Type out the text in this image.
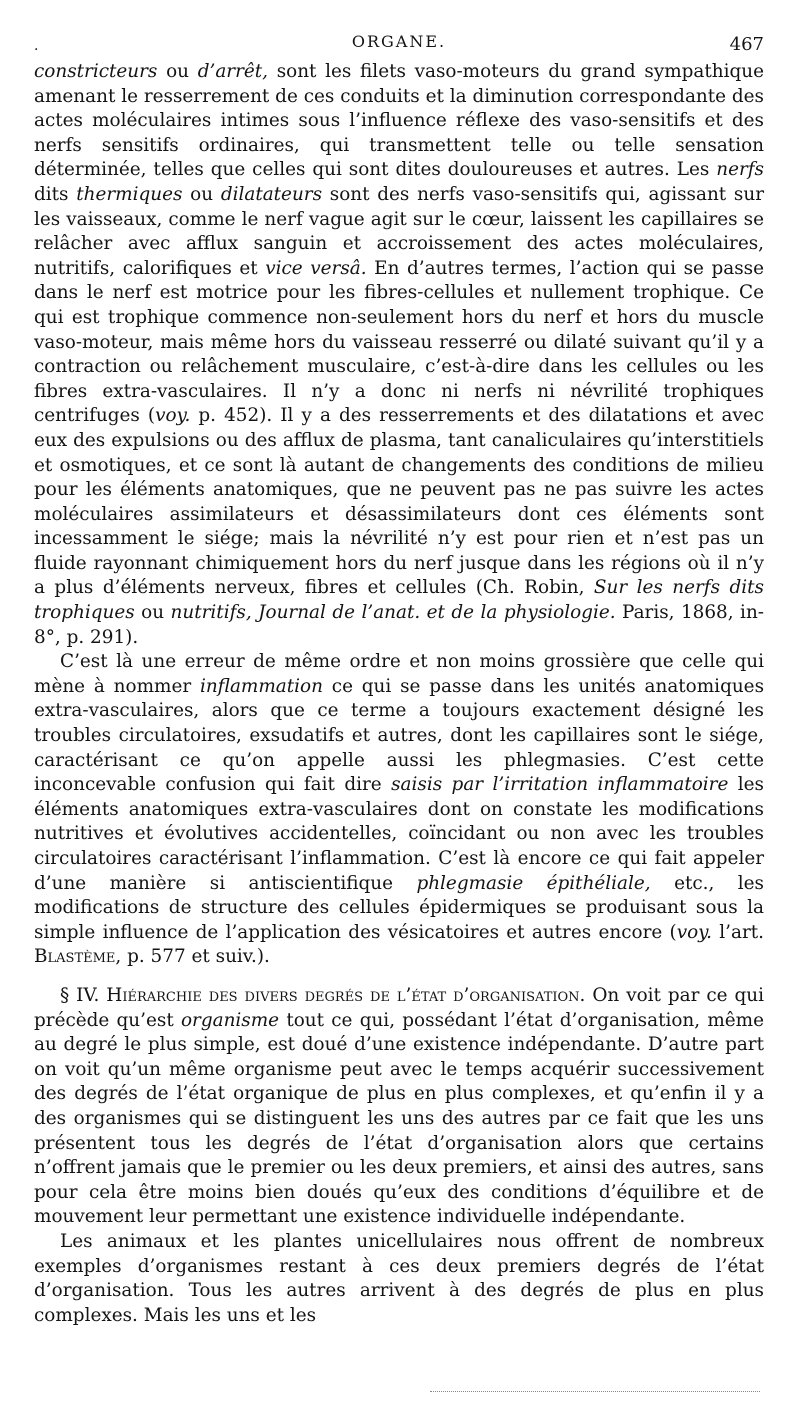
.	ORGANE.	467

constricteurs ou d’arrêt, sont les filets vaso-moteurs du grand sympathique amenant le resserrement de ces conduits et la diminution correspondante des actes moléculaires intimes sous l’influence réflexe des vaso-sensitifs et des nerfs sensitifs ordinaires, qui transmettent telle ou telle sensation déterminée, telles que celles qui sont dites douloureuses et autres. Les nerfs dits thermiques ou dilatateurs sont des nerfs vaso-sensitifs qui, agissant sur les vaisseaux, comme le nerf vague agit sur le cœur, laissent les capillaires se relâcher avec afflux sanguin et accroissement des actes moléculaires, nutritifs, calorifiques et vice versâ. En d’autres termes, l’action qui se passe dans le nerf est motrice pour les fibres-cellules et nullement trophique. Ce qui est trophique commence non-seulement hors du nerf et hors du muscle vaso-moteur, mais même hors du vaisseau resserré ou dilaté suivant qu’il y a contraction ou relâchement musculaire, c’est-à-dire dans les cellules ou les fibres extra-vasculaires. Il n’y a donc ni nerfs ni névrilité trophiques centrifuges (voy. p. 452). Il y a des resserrements et des dilatations et avec eux des expulsions ou des afflux de plasma, tant canaliculaires qu’interstitiels et osmotiques, et ce sont là autant de changements des conditions de milieu pour les éléments anatomiques, que ne peuvent pas ne pas suivre les actes moléculaires assimilateurs et désassimilateurs dont ces éléments sont incessamment le siége; mais la névrilité n’y est pour rien et n’est pas un fluide rayonnant chimiquement hors du nerf jusque dans les régions où il n’y a plus d’éléments nerveux, fibres et cellules (Ch. Robin, Sur les nerfs dits trophiques ou nutritifs, Journal de l’anat. et de la physiologie. Paris, 1868, in-8°, p. 291).

C’est là une erreur de même ordre et non moins grossière que celle qui mène à nommer inflammation ce qui se passe dans les unités anatomiques extra-vasculaires, alors que ce terme a toujours exactement désigné les troubles circulatoires, exsudatifs et autres, dont les capillaires sont le siége, caractérisant ce qu’on appelle aussi les phlegmasies. C’est cette inconcevable confusion qui fait dire saisis par l’irritation inflammatoire les éléments anatomiques extra-vasculaires dont on constate les modifications nutritives et évolutives accidentelles, coïncidant ou non avec les troubles circulatoires caractérisant l’inflammation. C’est là encore ce qui fait appeler d’une manière si antiscientifique phlegmasie épithéliale, etc., les modifications de structure des cellules épidermiques se produisant sous la simple influence de l’application des vésicatoires et autres encore (voy. l’art. Blastème, p. 577 et suiv.).

§ IV. Hiérarchie des divers degrés de l’état d’organisation. On voit par ce qui précède qu’est organisme tout ce qui, possédant l’état d’organisation, même au degré le plus simple, est doué d’une existence indépendante. D’autre part on voit qu’un même organisme peut avec le temps acquérir successivement des degrés de l’état organique de plus en plus complexes, et qu’enfin il y a des organismes qui se distinguent les uns des autres par ce fait que les uns présentent tous les degrés de l’état d’organisation alors que certains n’offrent jamais que le premier ou les deux premiers, et ainsi des autres, sans pour cela être moins bien doués qu’eux des conditions d’équilibre et de mouvement leur permettant une existence individuelle indépendante.

Les animaux et les plantes unicellulaires nous offrent de nombreux exemples d’organismes restant à ces deux premiers degrés de l’état d’organisation. Tous les autres arrivent à des degrés de plus en plus complexes. Mais les uns et les
